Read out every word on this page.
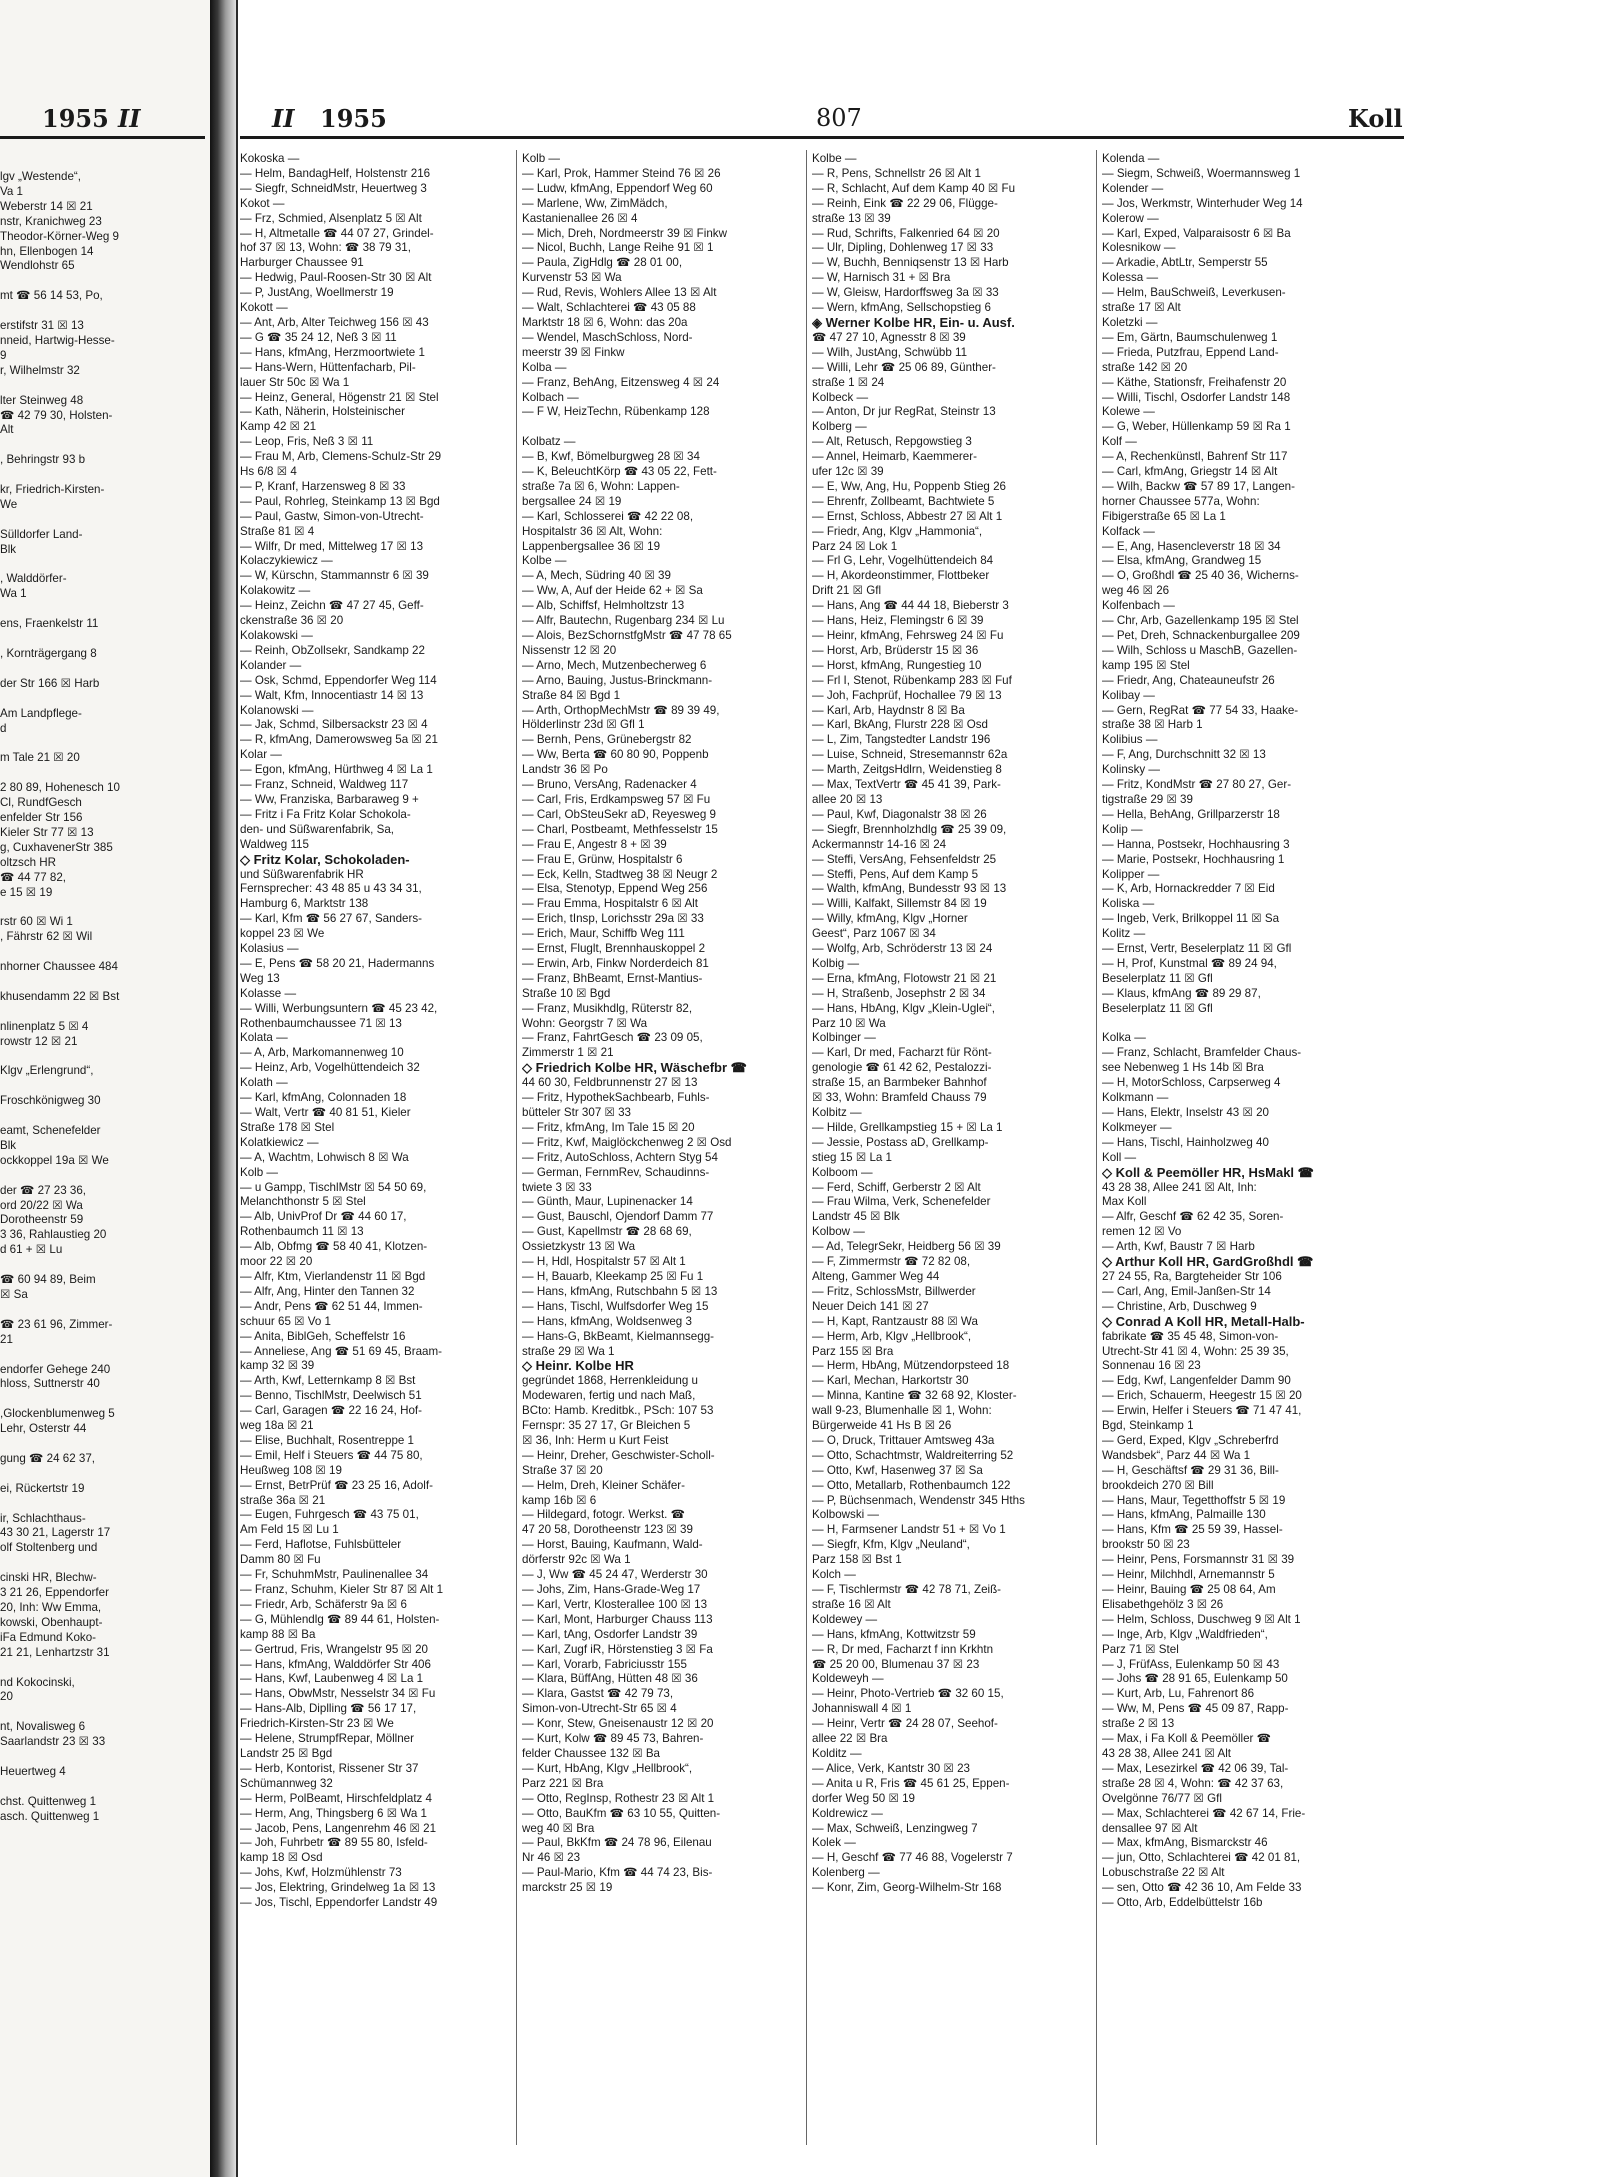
1955 II
lgv „Westende“,
Va 1
Weberstr 14 ☒ 21
nstr, Kranichweg 23
Theodor-Körner-Weg 9
hn, Ellenbogen 14
Wendlohstr 65

mt ☎ 56 14 53, Po,

erstifstr 31 ☒ 13
nneid, Hartwig-Hesse-
9
r, Wilhelmstr 32

lter Steinweg 48
☎ 42 79 30, Holsten-
Alt

, Behringstr 93 b

kr, Friedrich-Kirsten-
We

Sülldorfer Land-
Blk

, Walddörfer-
Wa 1

ens, Fraenkelstr 11

, Kornträgergang 8

der Str 166 ☒ Harb

Am Landpflege-
d

m Tale 21 ☒ 20

2 80 89, Hohenesch 10
Cl, RundfGesch
enfelder Str 156
Kieler Str 77 ☒ 13
g, CuxhavenerStr 385
oltzsch HR
☎ 44 77 82,
e 15 ☒ 19

rstr 60 ☒ Wi 1
, Fährstr 62 ☒ Wil

nhorner Chaussee 484

khusendamm 22 ☒ Bst

nlinenplatz 5 ☒ 4
rowstr 12 ☒ 21

Klgv „Erlengrund“,

Froschkönigweg 30

eamt, Schenefelder
Blk
ockkoppel 19a ☒ We

der ☎ 27 23 36,
ord 20/22 ☒ Wa
Dorotheenstr 59
3 36, Rahlaustieg 20
d 61 + ☒ Lu

☎ 60 94 89, Beim
☒ Sa

☎ 23 61 96, Zimmer-
21

endorfer Gehege 240
hloss, Suttnerstr 40

,Glockenblumenweg 5
Lehr, Osterstr 44

gung ☎ 24 62 37,

ei, Rückertstr 19

ir, Schlachthaus-
43 30 21, Lagerstr 17
olf Stoltenberg und

cinski HR, Blechw-
3 21 26, Eppendorfer
20, Inh: Ww Emma,
kowski, Obenhaupt-
iFa Edmund Koko-
21 21, Lenhartzstr 31

nd Kokocinski,
20

nt, Novalisweg 6
Saarlandstr 23 ☒ 33

Heuertweg 4

chst. Quittenweg 1
asch. Quittenweg 1
II 1955	807	Koll
Kokoska —
— Helm, BandagHelf, Holstenstr 216
— Siegfr, SchneidMstr, Heuertweg 3
Kokot —
— Frz, Schmied, Alsenplatz 5 ☒ Alt
— H, Altmetalle ☎ 44 07 27, Grindel-
hof 37 ☒ 13, Wohn: ☎ 38 79 31,
Harburger Chaussee 91
— Hedwig, Paul-Roosen-Str 30 ☒ Alt
— P, JustAng, Woellmerstr 19
Kokott —
— Ant, Arb, Alter Teichweg 156 ☒ 43
— G ☎ 35 24 12, Neß 3 ☒ 11
— Hans, kfmAng, Herzmoortwiete 1
— Hans-Wern, Hüttenfacharb, Pil-
lauer Str 50c ☒ Wa 1
— Heinz, General, Högenstr 21 ☒ Stel
— Kath, Näherin, Holsteinischer
Kamp 42 ☒ 21
— Leop, Fris, Neß 3 ☒ 11
— Frau M, Arb, Clemens-Schulz-Str 29
Hs 6/8 ☒ 4
— P, Kranf, Harzensweg 8 ☒ 33
— Paul, Rohrleg, Steinkamp 13 ☒ Bgd
— Paul, Gastw, Simon-von-Utrecht-
Straße 81 ☒ 4
— Wilfr, Dr med, Mittelweg 17 ☒ 13
Kolaczykiewicz —
— W, Kürschn, Stammannstr 6 ☒ 39
Kolakowitz —
— Heinz, Zeichn ☎ 47 27 45, Geff-
ckenstraße 36 ☒ 20
Kolakowski —
— Reinh, ObZollsekr, Sandkamp 22
Kolander —
— Osk, Schmd, Eppendorfer Weg 114
— Walt, Kfm, Innocentiastr 14 ☒ 13
Kolanowski —
— Jak, Schmd, Silbersackstr 23 ☒ 4
— R, kfmAng, Damerowsweg 5a ☒ 21
Kolar —
— Egon, kfmAng, Hürthweg 4 ☒ La 1
— Franz, Schneid, Waldweg 117
— Ww, Franziska, Barbaraweg 9 +
— Fritz i Fa Fritz Kolar Schokola-
den- und Süßwarenfabrik, Sa,
Waldweg 115
◇ Fritz Kolar, Schokoladen-
und Süßwarenfabrik HR
Fernsprecher: 43 48 85 u 43 34 31,
Hamburg 6, Marktstr 138
— Karl, Kfm ☎ 56 27 67, Sanders-
koppel 23 ☒ We
Kolasius —
— E, Pens ☎ 58 20 21, Hadermanns
Weg 13
Kolasse —
— Willi, Werbungsuntern ☎ 45 23 42,
Rothenbaumchaussee 71 ☒ 13
Kolata —
— A, Arb, Markomannenweg 10
— Heinz, Arb, Vogelhüttendeich 32
Kolath —
— Karl, kfmAng, Colonnaden 18
— Walt, Vertr ☎ 40 81 51, Kieler
Straße 178 ☒ Stel
Kolatkiewicz —
— A, Wachtm, Lohwisch 8 ☒ Wa
Kolb —
— u Gampp, TischlMstr ☒ 54 50 69,
Melanchthonstr 5 ☒ Stel
— Alb, UnivProf Dr ☎ 44 60 17,
Rothenbaumch 11 ☒ 13
— Alb, Obfmg ☎ 58 40 41, Klotzen-
moor 22 ☒ 20
— Alfr, Ktm, Vierlandenstr 11 ☒ Bgd
— Alfr, Ang, Hinter den Tannen 32
— Andr, Pens ☎ 62 51 44, Immen-
schuur 65 ☒ Vo 1
— Anita, BiblGeh, Scheffelstr 16
— Anneliese, Ang ☎ 51 69 45, Braam-
kamp 32 ☒ 39
— Arth, Kwf, Letternkamp 8 ☒ Bst
— Benno, TischlMstr, Deelwisch 51
— Carl, Garagen ☎ 22 16 24, Hof-
weg 18a ☒ 21
— Elise, Buchhalt, Rosentreppe 1
— Emil, Helf i Steuers ☎ 44 75 80,
Heußweg 108 ☒ 19
— Ernst, BetrPrüf ☎ 23 25 16, Adolf-
straße 36a ☒ 21
— Eugen, Fuhrgesch ☎ 43 75 01,
Am Feld 15 ☒ Lu 1
— Ferd, Haflotse, Fuhlsbütteler
Damm 80 ☒ Fu
— Fr, SchuhmMstr, Paulinenallee 34
— Franz, Schuhm, Kieler Str 87 ☒ Alt 1
— Friedr, Arb, Schäferstr 9a ☒ 6
— G, Mühlendlg ☎ 89 44 61, Holsten-
kamp 88 ☒ Ba
— Gertrud, Fris, Wrangelstr 95 ☒ 20
— Hans, kfmAng, Walddörfer Str 406
— Hans, Kwf, Laubenweg 4 ☒ La 1
— Hans, ObwMstr, Nesselstr 34 ☒ Fu
— Hans-Alb, Diplling ☎ 56 17 17,
Friedrich-Kirsten-Str 23 ☒ We
— Helene, StrumpfRepar, Möllner
Landstr 25 ☒ Bgd
— Herb, Kontorist, Rissener Str 37
Schümannweg 32
— Herm, PolBeamt, Hirschfeldplatz 4
— Herm, Ang, Thingsberg 6 ☒ Wa 1
— Jacob, Pens, Langenrehm 46 ☒ 21
— Joh, Fuhrbetr ☎ 89 55 80, Isfeld-
kamp 18 ☒ Osd
— Johs, Kwf, Holzmühlenstr 73
— Jos, Elektring, Grindelweg 1a ☒ 13
— Jos, Tischl, Eppendorfer Landstr 49
Kolb —
— Karl, Prok, Hammer Steind 76 ☒ 26
— Ludw, kfmAng, Eppendorf Weg 60
— Marlene, Ww, ZimMädch,
Kastanienallee 26 ☒ 4
— Mich, Dreh, Nordmeerstr 39 ☒ Finkw
— Nicol, Buchh, Lange Reihe 91 ☒ 1
— Paula, ZigHdlg ☎ 28 01 00,
Kurvenstr 53 ☒ Wa
— Rud, Revis, Wohlers Allee 13 ☒ Alt
— Walt, Schlachterei ☎ 43 05 88
Marktstr 18 ☒ 6, Wohn: das 20a
— Wendel, MaschSchloss, Nord-
meerstr 39 ☒ Finkw
Kolba —
— Franz, BehAng, Eitzensweg 4 ☒ 24
Kolbach —
— F W, HeizTechn, Rübenkamp 128

Kolbatz —
— B, Kwf, Bömelburgweg 28 ☒ 34
— K, BeleuchtKörp ☎ 43 05 22, Fett-
straße 7a ☒ 6, Wohn: Lappen-
bergsallee 24 ☒ 19
— Karl, Schlosserei ☎ 42 22 08,
Hospitalstr 36 ☒ Alt, Wohn:
Lappenbergsallee 36 ☒ 19
Kolbe —
— A, Mech, Südring 40 ☒ 39
— Ww, A, Auf der Heide 62 + ☒ Sa
— Alb, Schiffsf, Helmholtzstr 13
— Alfr, Bautechn, Rugenbarg 234 ☒ Lu
— Alois, BezSchornstfgMstr ☎ 47 78 65
Nissenstr 12 ☒ 20
— Arno, Mech, Mutzenbecherweg 6
— Arno, Bauing, Justus-Brinckmann-
Straße 84 ☒ Bgd 1
— Arth, OrthopMechMstr ☎ 89 39 49,
Hölderlinstr 23d ☒ Gfl 1
— Bernh, Pens, Grünebergstr 82
— Ww, Berta ☎ 60 80 90, Poppenb
Landstr 36 ☒ Po
— Bruno, VersAng, Radenacker 4
— Carl, Fris, Erdkampsweg 57 ☒ Fu
— Carl, ObSteuSekr aD, Reyesweg 9
— Charl, Postbeamt, Methfesselstr 15
— Frau E, Angestr 8 + ☒ 39
— Frau E, Grünw, Hospitalstr 6
— Eck, Kelln, Stadtweg 38 ☒ Neugr 2
— Elsa, Stenotyp, Eppend Weg 256
— Frau Emma, Hospitalstr 6 ☒ Alt
— Erich, tInsp, Lorichsstr 29a ☒ 33
— Erich, Maur, Schiffb Weg 111
— Ernst, Fluglt, Brennhauskoppel 2
— Erwin, Arb, Finkw Norderdeich 81
— Franz, BhBeamt, Ernst-Mantius-
Straße 10 ☒ Bgd
— Franz, Musikhdlg, Rüterstr 82,
Wohn: Georgstr 7 ☒ Wa
— Franz, FahrtGesch ☎ 23 09 05,
Zimmerstr 1 ☒ 21
◇ Friedrich Kolbe HR, Wäschefbr ☎
44 60 30, Feldbrunnenstr 27 ☒ 13
— Fritz, HypothekSachbearb, Fuhls-
bütteler Str 307 ☒ 33
— Fritz, kfmAng, Im Tale 15 ☒ 20
— Fritz, Kwf, Maiglöckchenweg 2 ☒ Osd
— Fritz, AutoSchloss, Achtern Styg 54
— German, FernmRev, Schaudinns-
twiete 3 ☒ 33
— Günth, Maur, Lupinenacker 14
— Gust, Bauschl, Ojendorf Damm 77
— Gust, Kapellmstr ☎ 28 68 69,
Ossietzkystr 13 ☒ Wa
— H, Hdl, Hospitalstr 57 ☒ Alt 1
— H, Bauarb, Kleekamp 25 ☒ Fu 1
— Hans, kfmAng, Rutschbahn 5 ☒ 13
— Hans, Tischl, Wulfsdorfer Weg 15
— Hans, kfmAng, Woldsenweg 3
— Hans-G, BkBeamt, Kielmannsegg-
straße 29 ☒ Wa 1
◇ Heinr. Kolbe HR
gegründet 1868, Herrenkleidung u
Modewaren, fertig und nach Maß,
BCto: Hamb. Kreditbk., PSch: 107 53
Fernspr: 35 27 17, Gr Bleichen 5
☒ 36, Inh: Herm u Kurt Feist
— Heinr, Dreher, Geschwister-Scholl-
Straße 37 ☒ 20
— Helm, Dreh, Kleiner Schäfer-
kamp 16b ☒ 6
— Hildegard, fotogr. Werkst. ☎
47 20 58, Dorotheenstr 123 ☒ 39
— Horst, Bauing, Kaufmann, Wald-
dörferstr 92c ☒ Wa 1
— J, Ww ☎ 45 24 47, Werderstr 30
— Johs, Zim, Hans-Grade-Weg 17
— Karl, Vertr, Klosterallee 100 ☒ 13
— Karl, Mont, Harburger Chauss 113
— Karl, tAng, Osdorfer Landstr 39
— Karl, Zugf iR, Hörstenstieg 3 ☒ Fa
— Karl, Vorarb, Fabriciusstr 155
— Klara, BüffAng, Hütten 48 ☒ 36
— Klara, Gastst ☎ 42 79 73,
Simon-von-Utrecht-Str 65 ☒ 4
— Konr, Stew, Gneisenaustr 12 ☒ 20
— Kurt, Kolw ☎ 89 45 73, Bahren-
felder Chaussee 132 ☒ Ba
— Kurt, HbAng, Klgv „Hellbrook“,
Parz 221 ☒ Bra
— Otto, RegInsp, Rothestr 23 ☒ Alt 1
— Otto, BauKfm ☎ 63 10 55, Quitten-
weg 40 ☒ Bra
— Paul, BkKfm ☎ 24 78 96, Eilenau
Nr 46 ☒ 23
— Paul-Mario, Kfm ☎ 44 74 23, Bis-
marckstr 25 ☒ 19
Kolbe —
— R, Pens, Schnellstr 26 ☒ Alt 1
— R, Schlacht, Auf dem Kamp 40 ☒ Fu
— Reinh, Eink ☎ 22 29 06, Flügge-
straße 13 ☒ 39
— Rud, Schrifts, Falkenried 64 ☒ 20
— Ulr, Dipling, Dohlenweg 17 ☒ 33
— W, Buchh, Benniqsenstr 13 ☒ Harb
— W, Harnisch 31 + ☒ Bra
— W, Gleisw, Hardorffsweg 3a ☒ 33
— Wern, kfmAng, Sellschopstieg 6
◈ Werner Kolbe HR, Ein- u. Ausf.
☎ 47 27 10, Agnesstr 8 ☒ 39
— Wilh, JustAng, Schwübb 11
— Willi, Lehr ☎ 25 06 89, Günther-
straße 1 ☒ 24
Kolbeck —
— Anton, Dr jur RegRat, Steinstr 13
Kolberg —
— Alt, Retusch, Repgowstieg 3
— Annel, Heimarb, Kaemmerer-
ufer 12c ☒ 39
— E, Ww, Ang, Hu, Poppenb Stieg 26
— Ehrenfr, Zollbeamt, Bachtwiete 5
— Ernst, Schloss, Abbestr 27 ☒ Alt 1
— Friedr, Ang, Klgv „Hammonia“,
Parz 24 ☒ Lok 1
— Frl G, Lehr, Vogelhüttendeich 84
— H, Akordeonstimmer, Flottbeker
Drift 21 ☒ Gfl
— Hans, Ang ☎ 44 44 18, Bieberstr 3
— Hans, Heiz, Flemingstr 6 ☒ 39
— Heinr, kfmAng, Fehrsweg 24 ☒ Fu
— Horst, Arb, Brüderstr 15 ☒ 36
— Horst, kfmAng, Rungestieg 10
— Frl I, Stenot, Rübenkamp 283 ☒ Fuf
— Joh, Fachprüf, Hochallee 79 ☒ 13
— Karl, Arb, Haydnstr 8 ☒ Ba
— Karl, BkAng, Flurstr 228 ☒ Osd
— L, Zim, Tangstedter Landstr 196
— Luise, Schneid, Stresemannstr 62a
— Marth, ZeitgsHdlrn, Weidenstieg 8
— Max, TextVertr ☎ 45 41 39, Park-
allee 20 ☒ 13
— Paul, Kwf, Diagonalstr 38 ☒ 26
— Siegfr, Brennholzhdlg ☎ 25 39 09,
Ackermannstr 14-16 ☒ 24
— Steffi, VersAng, Fehsenfeldstr 25
— Steffi, Pens, Auf dem Kamp 5
— Walth, kfmAng, Bundesstr 93 ☒ 13
— Willi, Kalfakt, Sillemstr 84 ☒ 19
— Willy, kfmAng, Klgv „Horner
Geest“, Parz 1067 ☒ 34
— Wolfg, Arb, Schröderstr 13 ☒ 24
Kolbig —
— Erna, kfmAng, Flotowstr 21 ☒ 21
— H, Straßenb, Josephstr 2 ☒ 34
— Hans, HbAng, Klgv „Klein-Uglei“,
Parz 10 ☒ Wa
Kolbinger —
— Karl, Dr med, Facharzt für Rönt-
genologie ☎ 61 42 62, Pestalozzi-
straße 15, an Barmbeker Bahnhof
☒ 33, Wohn: Bramfeld Chauss 79
Kolbitz —
— Hilde, Grellkampstieg 15 + ☒ La 1
— Jessie, Postass aD, Grellkamp-
stieg 15 ☒ La 1
Kolboom —
— Ferd, Schiff, Gerberstr 2 ☒ Alt
— Frau Wilma, Verk, Schenefelder
Landstr 45 ☒ Blk
Kolbow —
— Ad, TelegrSekr, Heidberg 56 ☒ 39
— F, Zimmermstr ☎ 72 82 08,
Alteng, Gammer Weg 44
— Fritz, SchlossMstr, Billwerder
Neuer Deich 141 ☒ 27
— H, Kapt, Rantzaustr 88 ☒ Wa
— Herm, Arb, Klgv „Hellbrook“,
Parz 155 ☒ Bra
— Herm, HbAng, Mützendorpsteed 18
— Karl, Mechan, Harkortstr 30
— Minna, Kantine ☎ 32 68 92, Kloster-
wall 9-23, Blumenhalle ☒ 1, Wohn:
Bürgerweide 41 Hs B ☒ 26
— O, Druck, Trittauer Amtsweg 43a
— Otto, Schachtmstr, Waldreiterring 52
— Otto, Kwf, Hasenweg 37 ☒ Sa
— Otto, Metallarb, Rothenbaumch 122
— P, Büchsenmach, Wendenstr 345 Hths
Kolbowski —
— H, Farmsener Landstr 51 + ☒ Vo 1
— Siegfr, Kfm, Klgv „Neuland“,
Parz 158 ☒ Bst 1
Kolch —
— F, Tischlermstr ☎ 42 78 71, Zeiß-
straße 16 ☒ Alt
Koldewey —
— Hans, kfmAng, Kottwitzstr 59
— R, Dr med, Facharzt f inn Krkhtn
☎ 25 20 00, Blumenau 37 ☒ 23
Koldeweyh —
— Heinr, Photo-Vertrieb ☎ 32 60 15,
Johanniswall 4 ☒ 1
— Heinr, Vertr ☎ 24 28 07, Seehof-
allee 22 ☒ Bra
Kolditz —
— Alice, Verk, Kantstr 30 ☒ 23
— Anita u R, Fris ☎ 45 61 25, Eppen-
dorfer Weg 50 ☒ 19
Koldrewicz —
— Max, Schweiß, Lenzingweg 7
Kolek —
— H, Geschf ☎ 77 46 88, Vogelerstr 7
Kolenberg —
— Konr, Zim, Georg-Wilhelm-Str 168
Kolenda —
— Siegm, Schweiß, Woermannsweg 1
Kolender —
— Jos, Werkmstr, Winterhuder Weg 14
Kolerow —
— Karl, Exped, Valparaisostr 6 ☒ Ba
Kolesnikow —
— Arkadie, AbtLtr, Semperstr 55
Kolessa —
— Helm, BauSchweiß, Leverkusen-
straße 17 ☒ Alt
Koletzki —
— Em, Gärtn, Baumschulenweg 1
— Frieda, Putzfrau, Eppend Land-
straße 142 ☒ 20
— Käthe, Stationsfr, Freihafenstr 20
— Willi, Tischl, Osdorfer Landstr 148
Kolewe —
— G, Weber, Hüllenkamp 59 ☒ Ra 1
Kolf —
— A, Rechenkünstl, Bahrenf Str 117
— Carl, kfmAng, Griegstr 14 ☒ Alt
— Wilh, Backw ☎ 57 89 17, Langen-
horner Chaussee 577a, Wohn:
Fibigerstraße 65 ☒ La 1
Kolfack —
— E, Ang, Hasencleverstr 18 ☒ 34
— Elsa, kfmAng, Grandweg 15
— O, Großhdl ☎ 25 40 36, Wicherns-
weg 46 ☒ 26
Kolfenbach —
— Chr, Arb, Gazellenkamp 195 ☒ Stel
— Pet, Dreh, Schnackenburgallee 209
— Wilh, Schloss u MaschB, Gazellen-
kamp 195 ☒ Stel
— Friedr, Ang, Chateauneufstr 26
Kolibay —
— Gern, RegRat ☎ 77 54 33, Haake-
straße 38 ☒ Harb 1
Kolibius —
— F, Ang, Durchschnitt 32 ☒ 13
Kolinsky —
— Fritz, KondMstr ☎ 27 80 27, Ger-
tigstraße 29 ☒ 39
— Hella, BehAng, Grillparzerstr 18
Kolip —
— Hanna, Postsekr, Hochhausring 3
— Marie, Postsekr, Hochhausring 1
Kolipper —
— K, Arb, Hornackredder 7 ☒ Eid
Koliska —
— Ingeb, Verk, Brilkoppel 11 ☒ Sa
Kolitz —
— Ernst, Vertr, Beselerplatz 11 ☒ Gfl
— H, Prof, Kunstmal ☎ 89 24 94,
Beselerplatz 11 ☒ Gfl
— Klaus, kfmAng ☎ 89 29 87,
Beselerplatz 11 ☒ Gfl

Kolka —
— Franz, Schlacht, Bramfelder Chaus-
see Nebenweg 1 Hs 14b ☒ Bra
— H, MotorSchloss, Carpserweg 4
Kolkmann —
— Hans, Elektr, Inselstr 43 ☒ 20
Kolkmeyer —
— Hans, Tischl, Hainholzweg 40
Koll —
◇ Koll & Peemöller HR, HsMakl ☎
43 28 38, Allee 241 ☒ Alt, Inh:
Max Koll
— Alfr, Geschf ☎ 62 42 35, Soren-
remen 12 ☒ Vo
— Arth, Kwf, Baustr 7 ☒ Harb
◇ Arthur Koll HR, GardGroßhdl ☎
27 24 55, Ra, Bargteheider Str 106
— Carl, Ang, Emil-Janßen-Str 14
— Christine, Arb, Duschweg 9
◇ Conrad A Koll HR, Metall-Halb-
fabrikate ☎ 35 45 48, Simon-von-
Utrecht-Str 41 ☒ 4, Wohn: 25 39 35,
Sonnenau 16 ☒ 23
— Edg, Kwf, Langenfelder Damm 90
— Erich, Schauerm, Heegestr 15 ☒ 20
— Erwin, Helfer i Steuers ☎ 71 47 41,
Bgd, Steinkamp 1
— Gerd, Exped, Klgv „Schreberfrd
Wandsbek“, Parz 44 ☒ Wa 1
— H, Geschäftsf ☎ 29 31 36, Bill-
brookdeich 270 ☒ Bill
— Hans, Maur, Tegetthoffstr 5 ☒ 19
— Hans, kfmAng, Palmaille 130
— Hans, Kfm ☎ 25 59 39, Hassel-
brookstr 50 ☒ 23
— Heinr, Pens, Forsmannstr 31 ☒ 39
— Heinr, Milchhdl, Arnemannstr 5
— Heinr, Bauing ☎ 25 08 64, Am
Elisabethgehölz 3 ☒ 26
— Helm, Schloss, Duschweg 9 ☒ Alt 1
— Inge, Arb, Klgv „Waldfrieden“,
Parz 71 ☒ Stel
— J, FrüfAss, Eulenkamp 50 ☒ 43
— Johs ☎ 28 91 65, Eulenkamp 50
— Kurt, Arb, Lu, Fahrenort 86
— Ww, M, Pens ☎ 45 09 87, Rapp-
straße 2 ☒ 13
— Max, i Fa Koll & Peemöller ☎
43 28 38, Allee 241 ☒ Alt
— Max, Lesezirkel ☎ 42 06 39, Tal-
straße 28 ☒ 4, Wohn: ☎ 42 37 63,
Ovelgönne 76/77 ☒ Gfl
— Max, Schlachterei ☎ 42 67 14, Frie-
densallee 97 ☒ Alt
— Max, kfmAng, Bismarckstr 46
— jun, Otto, Schlachterei ☎ 42 01 81,
Lobuschstraße 22 ☒ Alt
— sen, Otto ☎ 42 36 10, Am Felde 33
— Otto, Arb, Eddelbüttelstr 16b
